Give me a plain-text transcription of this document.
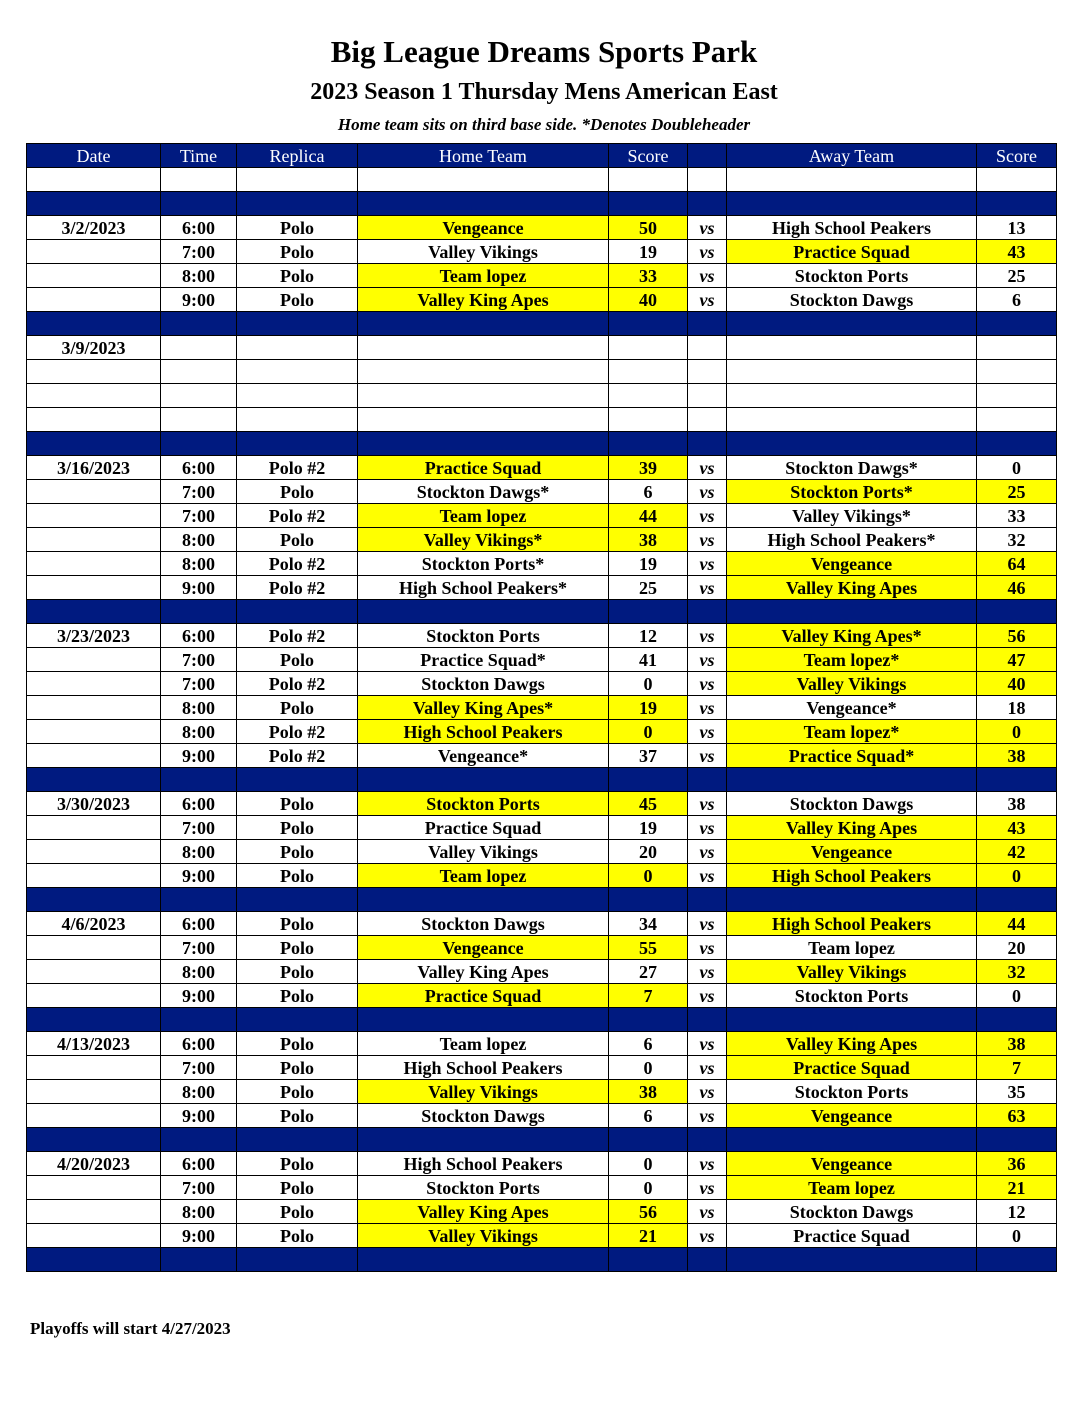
Big League Dreams Sports Park
2023 Season 1 Thursday Mens American East
Home team sits on third base side. *Denotes Doubleheader
Date	Time	Replica	Home Team	Score		Away Team	Score

3/2/2023	6:00	Polo	Vengeance	50	vs	High School Peakers	13
	7:00	Polo	Valley Vikings	19	vs	Practice Squad	43
	8:00	Polo	Team lopez	33	vs	Stockton Ports	25
	9:00	Polo	Valley King Apes	40	vs	Stockton Dawgs	6

3/9/2023							

3/16/2023	6:00	Polo #2	Practice Squad	39	vs	Stockton Dawgs*	0
	7:00	Polo	Stockton Dawgs*	6	vs	Stockton Ports*	25
	7:00	Polo #2	Team lopez	44	vs	Valley Vikings*	33
	8:00	Polo	Valley Vikings*	38	vs	High School Peakers*	32
	8:00	Polo #2	Stockton Ports*	19	vs	Vengeance	64
	9:00	Polo #2	High School Peakers*	25	vs	Valley King Apes	46

3/23/2023	6:00	Polo #2	Stockton Ports	12	vs	Valley King Apes*	56
	7:00	Polo	Practice Squad*	41	vs	Team lopez*	47
	7:00	Polo #2	Stockton Dawgs	0	vs	Valley Vikings	40
	8:00	Polo	Valley King Apes*	19	vs	Vengeance*	18
	8:00	Polo #2	High School Peakers	0	vs	Team lopez*	0
	9:00	Polo #2	Vengeance*	37	vs	Practice Squad*	38

3/30/2023	6:00	Polo	Stockton Ports	45	vs	Stockton Dawgs	38
	7:00	Polo	Practice Squad	19	vs	Valley King Apes	43
	8:00	Polo	Valley Vikings	20	vs	Vengeance	42
	9:00	Polo	Team lopez	0	vs	High School Peakers	0

4/6/2023	6:00	Polo	Stockton Dawgs	34	vs	High School Peakers	44
	7:00	Polo	Vengeance	55	vs	Team lopez	20
	8:00	Polo	Valley King Apes	27	vs	Valley Vikings	32
	9:00	Polo	Practice Squad	7	vs	Stockton Ports	0

4/13/2023	6:00	Polo	Team lopez	6	vs	Valley King Apes	38
	7:00	Polo	High School Peakers	0	vs	Practice Squad	7
	8:00	Polo	Valley Vikings	38	vs	Stockton Ports	35
	9:00	Polo	Stockton Dawgs	6	vs	Vengeance	63

4/20/2023	6:00	Polo	High School Peakers	0	vs	Vengeance	36
	7:00	Polo	Stockton Ports	0	vs	Team lopez	21
	8:00	Polo	Valley King Apes	56	vs	Stockton Dawgs	12
	9:00	Polo	Valley Vikings	21	vs	Practice Squad	0

Playoffs will start 4/27/2023
